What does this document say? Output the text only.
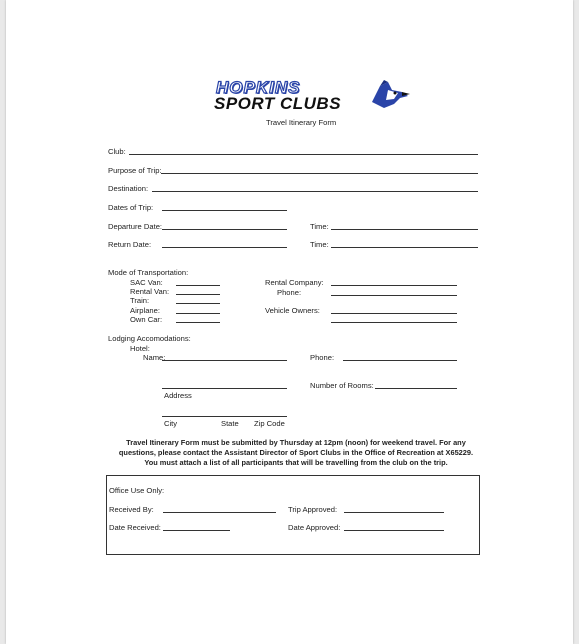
HOPKINS
SPORT CLUBS
Travel Itinerary Form
Club:
Purpose of Trip:
Destination:
Dates of Trip:
Departure Date:	Time:
Return Date:	Time:
Mode of Transportation:
SAC Van:
Rental Van:
Train:
Airplane:
Own Car:
Rental Company:
Phone:
Vehicle Owners:
Lodging Accomodations:
Hotel:
Name:	Phone:
Address
Number of Rooms:
City	State Zip Code
Travel Itinerary Form must be submitted by Thursday at 12pm (noon) for weekend travel. For any
questions, please contact the Assistant Director of Sport Clubs in the Office of Recreation at X65229.
You must attach a list of all participants that will be travelling from the club on the trip.
Office Use Only:
Received By:	Trip Approved:
Date Received:	Date Approved:
